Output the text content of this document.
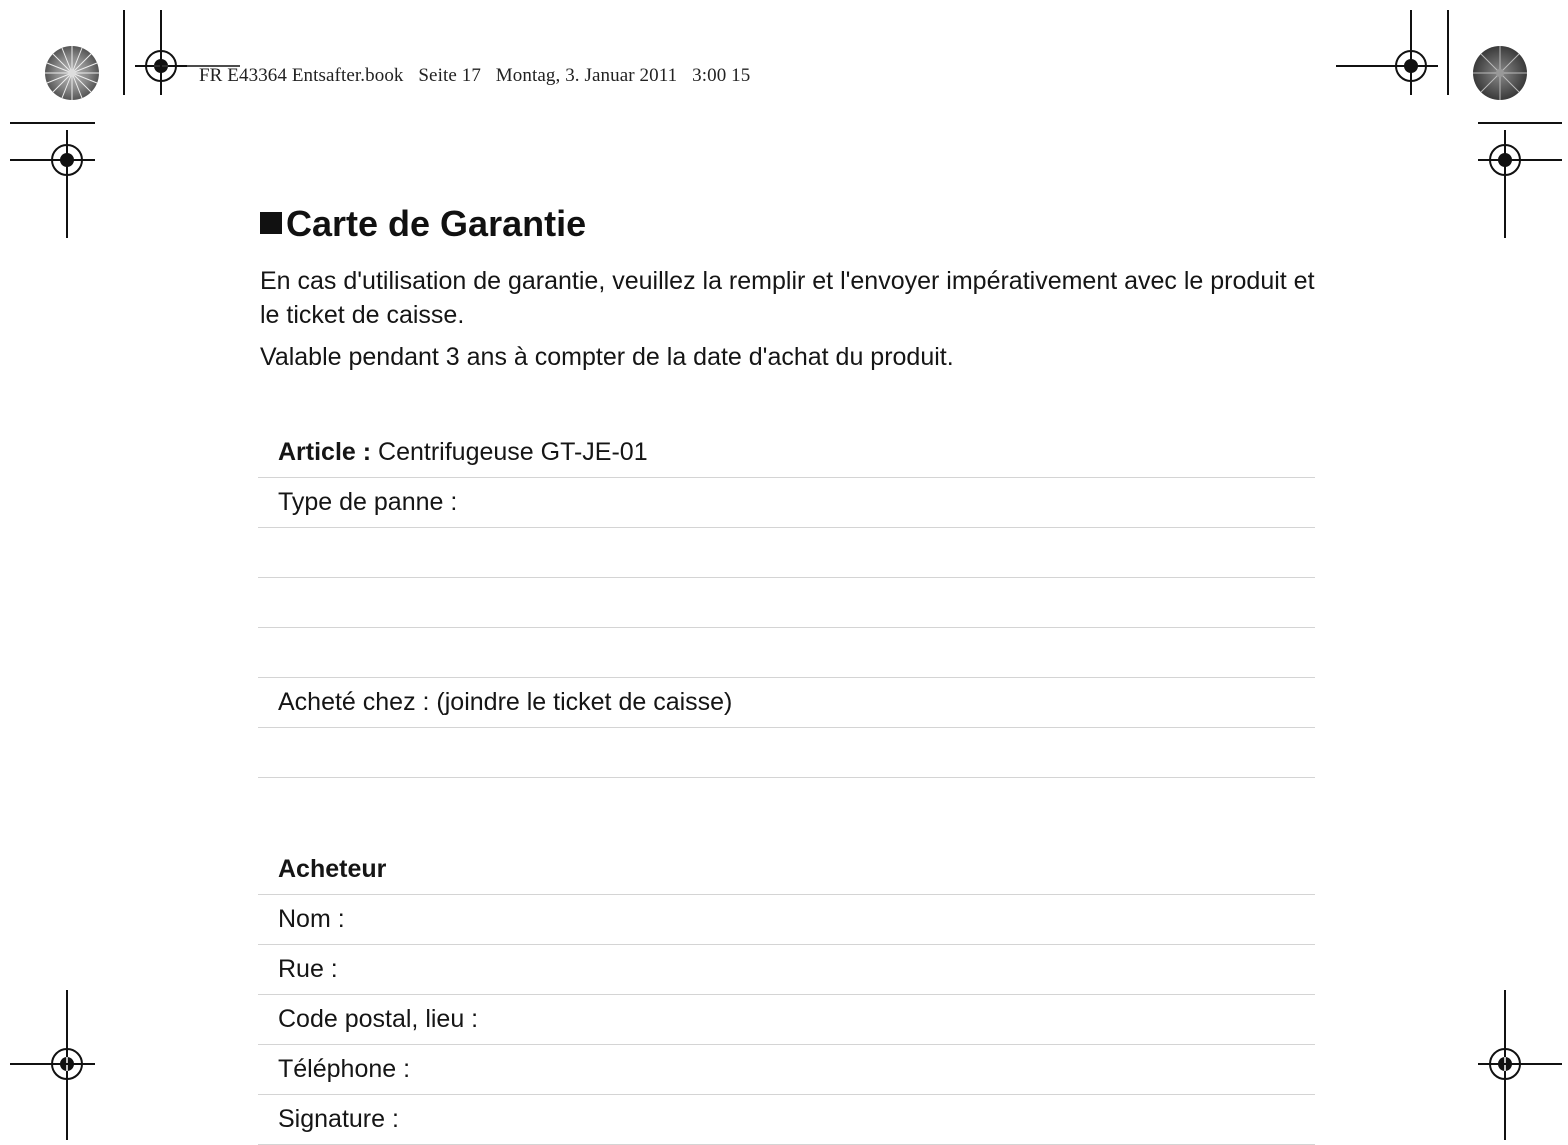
FR E43364 Entsafter.book Seite 17 Montag, 3. Januar 2011 3:00 15
Carte de Garantie

En cas d'utilisation de garantie, veuillez la remplir et l'envoyer impérativement avec le produit et le ticket de caisse.

Valable pendant 3 ans à compter de la date d'achat du produit.

Article : Centrifugeuse GT-JE-01
Type de panne :
Acheté chez : (joindre le ticket de caisse)
Acheteur
Nom :
Rue :
Code postal, lieu :
Téléphone :
Signature :
